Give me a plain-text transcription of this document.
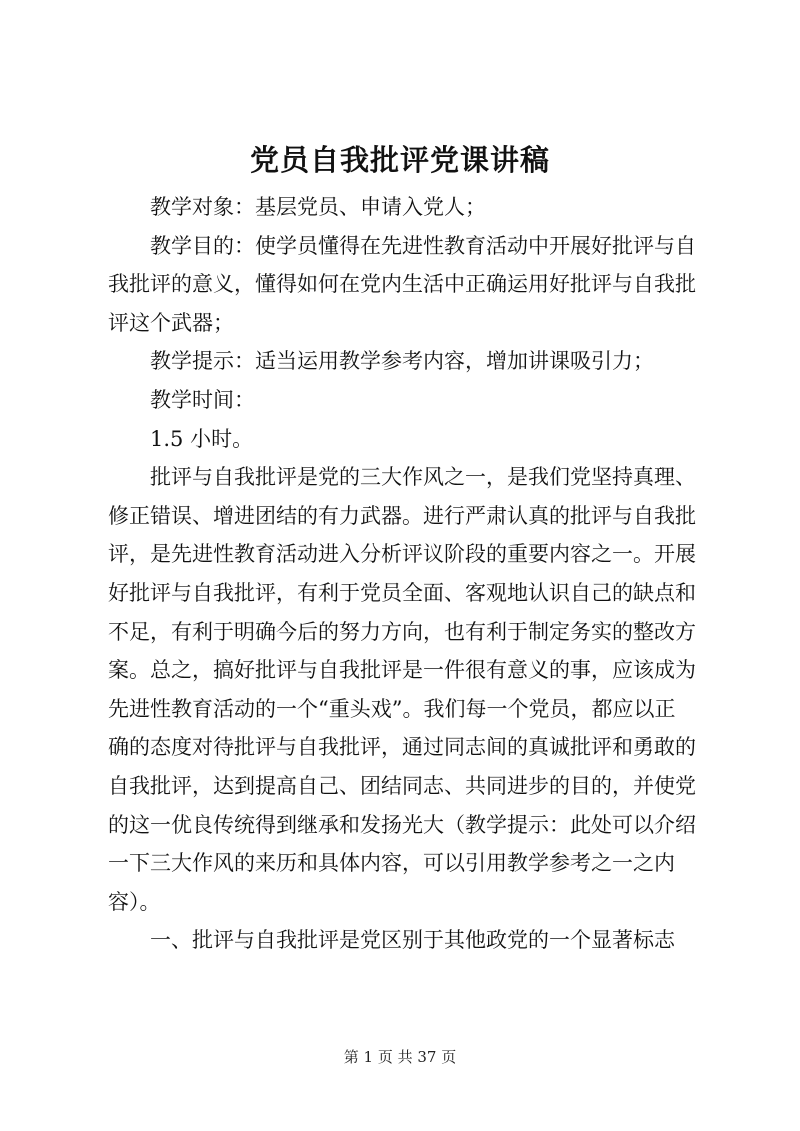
党员自我批评党课讲稿
教学对象：基层党员、申请入党人；
教学目的：使学员懂得在先进性教育活动中开展好批评与自
我批评的意义，懂得如何在党内生活中正确运用好批评与自我批
评这个武器；
教学提示：适当运用教学参考内容，增加讲课吸引力；
教学时间：
1.5 小时。
批评与自我批评是党的三大作风之一，是我们党坚持真理、
修正错误、增进团结的有力武器。进行严肃认真的批评与自我批
评，是先进性教育活动进入分析评议阶段的重要内容之一。开展
好批评与自我批评，有利于党员全面、客观地认识自己的缺点和
不足，有利于明确今后的努力方向，也有利于制定务实的整改方
案。总之，搞好批评与自我批评是一件很有意义的事，应该成为
先进性教育活动的一个“重头戏”。我们每一个党员，都应以正
确的态度对待批评与自我批评，通过同志间的真诚批评和勇敢的
自我批评，达到提高自己、团结同志、共同进步的目的，并使党
的这一优良传统得到继承和发扬光大（教学提示：此处可以介绍
一下三大作风的来历和具体内容，可以引用教学参考之一之内
容）。
一、批评与自我批评是党区别于其他政党的一个显著标志
第 1 页 共 37 页
